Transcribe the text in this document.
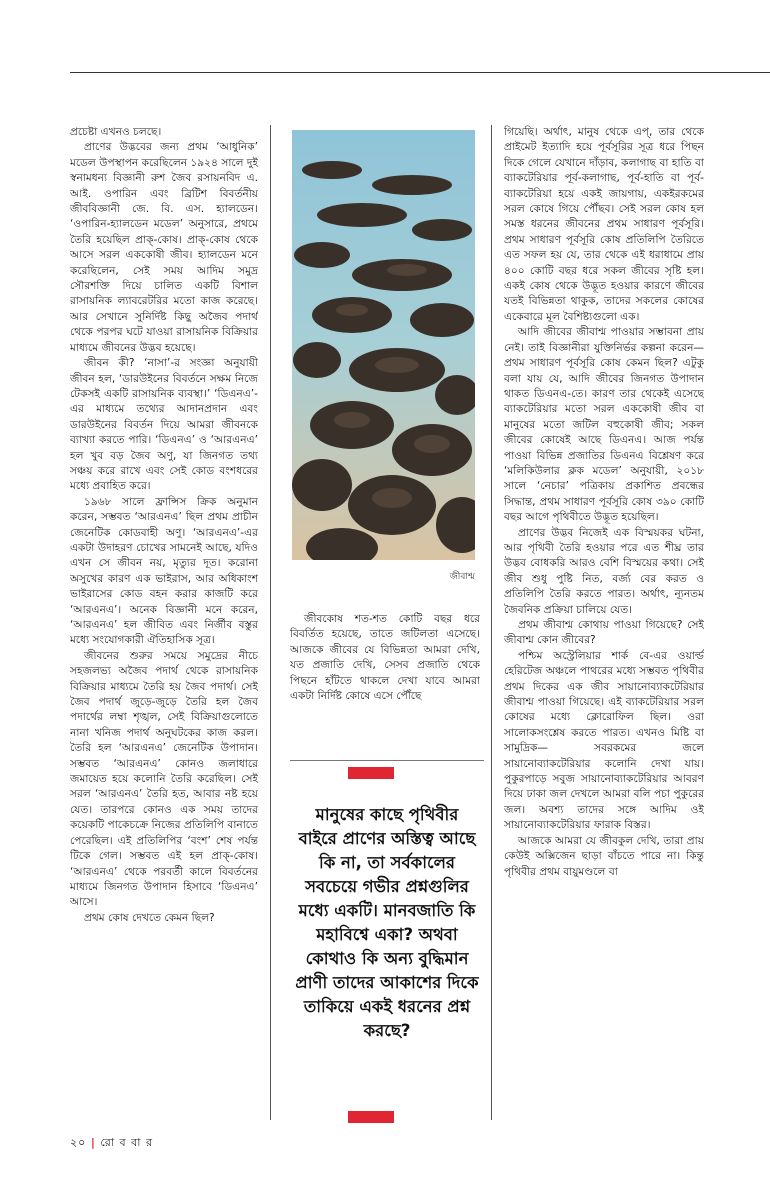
প্রচেষ্টা এখনও চলছে।

প্রাণের উদ্ভবের জন্য প্রথম ‘আধুনিক’ মডেল উপস্থাপন করেছিলেন ১৯২৪ সালে দুই স্বনামধন্য বিজ্ঞানী রুশ জৈব রসায়নবিদ এ. আই. ওপারিন এবং ব্রিটিশ বিবর্তনীয় জীববিজ্ঞানী জে. বি. এস. হ্যালডেন। ‘ওপারিন-হ্যালডেন মডেল’ অনুসারে, প্রথমে তৈরি হয়েছিল প্রাক্-কোষ। প্রাক্-কোষ থেকে আসে সরল এককোষী জীব। হ্যালডেন মনে করেছিলেন, সেই সময় আদিম সমুদ্র সৌরশক্তি দিয়ে চালিত একটি বিশাল রাসায়নিক ল্যাবরেটরির মতো কাজ করেছে। আর সেখানে সুনির্দিষ্ট কিছু অজৈব পদার্থ থেকে পরপর ঘটে যাওয়া রাসায়নিক বিক্রিয়ার মাধ্যমে জীবনের উদ্ভব হয়েছে।

জীবন কী? ‘নাসা’-র সংজ্ঞা অনুযায়ী জীবন হল, ‘ডারউইনের বিবর্তনে সক্ষম নিজে টেকসই একটি রাসায়নিক ব্যবস্থা।’ ‘ডিএনএ’-এর মাধ্যমে তথ্যের আদানপ্রদান এবং ডারউইনের বিবর্তন দিয়ে আমরা জীবনকে ব্যাখ্যা করতে পারি। ‘ডিএনএ’ ও ‘আরএনএ’ হল খুব বড় জৈব অণু, যা জিনগত তথ্য সঞ্চয় করে রাখে এবং সেই কোড বংশধরের মধ্যে প্রবাহিত করে।

১৯৬৮ সালে ফ্রান্সিস ক্রিক অনুমান করেন, সম্ভবত ‘আরএনএ’ ছিল প্রথম প্রাচীন জেনেটিক কোডবাহী অণু। ‘আরএনএ’-এর একটা উদাহরণ চোখের সামনেই আছে, যদিও এখন সে জীবন নয়, মৃত্যুর দূত। করোনা অসুখের কারণ এক ভাইরাস, আর অধিকাংশ ভাইরাসের কোড বহন করার কাজটি করে ‘আরএনএ’। অনেক বিজ্ঞানী মনে করেন, ‘আরএনএ’ হল জীবিত এবং নির্জীব বস্তুর মধ্যে সংযোগকারী ঐতিহাসিক সূত্র।

জীবনের শুরুর সময়ে সমুদ্রের নীচে সহজলভ্য অজৈব পদার্থ থেকে রাসায়নিক বিক্রিয়ার মাধ্যমে তৈরি হয় জৈব পদার্থ। সেই জৈব পদার্থ জুড়ে-জুড়ে তৈরি হল জৈব পদার্থের লম্বা শৃঙ্খল, সেই বিক্রিয়াগুলোতে নানা খনিজ পদার্থ অনুঘটকের কাজ করল। তৈরি হল ‘আরএনএ’ জেনেটিক উপাদান। সম্ভবত ‘আরএনএ’ কোনও জলাধারে জমায়েত হয়ে কলোনি তৈরি করেছিল। সেই সরল ‘আরএনএ’ তৈরি হত, আবার নষ্ট হয়ে যেত। তারপরে কোনও এক সময় তাদের কয়েকটি পাকেচক্রে নিজের প্রতিলিপি বানাতে পেরেছিল। এই প্রতিলিপির ‘বংশ’ শেষ পর্যন্ত টিকে গেল। সম্ভবত এই হল প্রাক্-কোষ। ‘আরএনএ’ থেকে পরবর্তী কালে বিবর্তনের মাধ্যমে জিনগত উপাদান হিসাবে ‘ডিএনএ’ আসে।

প্রথম কোষ দেখতে কেমন ছিল?

জীবাশ্ম

জীবকোষ শত-শত কোটি বছর ধরে বিবর্তিত হয়েছে, তাতে জটিলতা এসেছে। আজকে জীবের যে বিভিন্নতা আমরা দেখি, যত প্রজাতি দেখি, সেসব প্রজাতি থেকে পিছনে হাঁটতে থাকলে দেখা যাবে আমরা একটা নির্দিষ্ট কোষে এসে পৌঁছে

মানুষের কাছে পৃথিবীর বাইরে প্রাণের অস্তিত্ব আছে কি না, তা সর্বকালের সবচেয়ে গভীর প্রশ্নগুলির মধ্যে একটি। মানবজাতি কি মহাবিশ্বে একা? অথবা কোথাও কি অন্য বুদ্ধিমান প্রাণী তাদের আকাশের দিকে তাকিয়ে একই ধরনের প্রশ্ন করছে?

গিয়েছি। অর্থাৎ, মানুষ থেকে এপ্, তার থেকে প্রাইমেট ইত্যাদি হয়ে পূর্বসূরির সূত্র ধরে পিছন দিকে গেলে যেখানে দাঁড়াব, কলাগাছ বা হাতি বা ব্যাকটেরিয়ার পূর্ব-কলাগাছ, পূর্ব-হাতি বা পূর্ব-ব্যাকটেরিয়া হয়ে একই জায়গায়, একইরকমের সরল কোষে গিয়ে পৌঁছব। সেই সরল কোষ হল সমস্ত ধরনের জীবনের প্রথম সাধারণ পূর্বসূরি। প্রথম সাধারণ পূর্বসূরি কোষ প্রতিলিপি তৈরিতে এত সফল হয় যে, তার থেকে এই ধরাধামে প্রায় ৪০০ কোটি বছর ধরে সকল জীবের সৃষ্টি হল। একই কোষ থেকে উদ্ভূত হওয়ার কারণে জীবের যতই বিভিন্নতা থাকুক, তাদের সকলের কোষের একেবারে মূল বৈশিষ্ট্যগুলো এক।

আদি জীবের জীবাশ্ম পাওয়ার সম্ভাবনা প্রায় নেই। তাই বিজ্ঞানীরা যুক্তিনির্ভর কল্পনা করেন— প্রথম সাধারণ পূর্বসূরি কোষ কেমন ছিল? এটুকু বলা যায় যে, আদি জীবের জিনগত উপাদান থাকত ডিএনএ-তে। কারণ তার থেকেই এসেছে ব্যাকটেরিয়ার মতো সরল এককোষী জীব বা মানুষের মতো জটিল বহুকোষী জীব; সকল জীবের কোষেই আছে ডিএনএ। আজ পর্যন্ত পাওয়া বিভিন্ন প্রজাতির ডিএনএ বিশ্লেষণ করে ‘মলিকিউলার ক্লক মডেল’ অনুযায়ী, ২০১৮ সালে ‘নেচার’ পত্রিকায় প্রকাশিত প্রবন্ধের সিদ্ধান্ত, প্রথম সাধারণ পূর্বসূরি কোষ ৩৯০ কোটি বছর আগে পৃথিবীতে উদ্ভূত হয়েছিল।

প্রাণের উদ্ভব নিজেই এক বিস্ময়কর ঘটনা, আর পৃথিবী তৈরি হওয়ার পরে এত শীঘ্র তার উদ্ভব বোধকরি আরও বেশি বিস্ময়ের কথা। সেই জীব শুধু পুষ্টি নিত, বর্জ্য বের করত ও প্রতিলিপি তৈরি করতে পারত। অর্থাৎ, ন্যূনতম জৈবনিক প্রক্রিয়া চালিয়ে যেত।

প্রথম জীবাশ্ম কোথায় পাওয়া গিয়েছে? সেই জীবাশ্ম কোন জীবের?

পশ্চিম অস্ট্রেলিয়ার শার্ক বে-এর ওয়ার্ল্ড হেরিটেজ অঞ্চলে পাথরের মধ্যে সম্ভবত পৃথিবীর প্রথম দিকের এক জীব সায়ানোব্যাকটেরিয়ার জীবাশ্ম পাওয়া গিয়েছে। এই ব্যাকটেরিয়ার সরল কোষের মধ্যে ক্লোরোফিল ছিল। ওরা সালোকসংশ্লেষ করতে পারত। এখনও মিষ্টি বা সামুদ্রিক— সবরকমের জলে সায়ানোব্যাকটেরিয়ার কলোনি দেখা যায়। পুকুরপাড়ে সবুজ সায়ানোব্যাকটেরিয়ার আবরণ দিয়ে ঢাকা জল দেখলে আমরা বলি পচা পুকুরের জল। অবশ্য তাদের সঙ্গে আদিম ওই সায়ানোব্যাকটেরিয়ার ফারাক বিস্তর।

আজকে আমরা যে জীবকুল দেখি, তারা প্রায় কেউই অক্সিজেন ছাড়া বাঁচতে পারে না। কিন্তু পৃথিবীর প্রথম বায়ুমণ্ডলে বা

২০ | রো ব বা র
